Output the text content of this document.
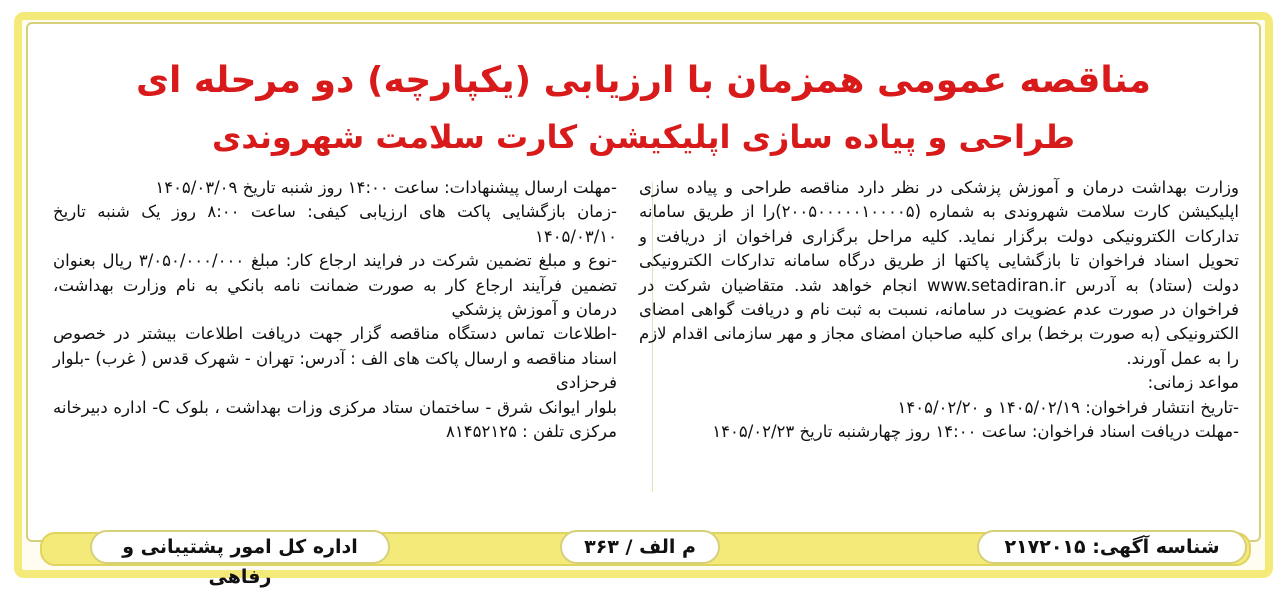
مناقصه عمومی همزمان با ارزیابی (یکپارچه) دو مرحله ای
طراحی و پیاده سازی اپلیکیشن کارت سلامت شهروندی

وزارت بهداشت درمان و آموزش پزشکی در نظر دارد مناقصه طراحی و پیاده سازی اپلیکیشن کارت سلامت شهروندی به شماره (۲۰۰۵۰۰۰۰۰۱۰۰۰۰۵)را از طریق سامانه تدارکات الکترونیکی دولت برگزار نماید. کلیه مراحل برگزاری فراخوان از دریافت و تحویل اسناد فراخوان تا بازگشایی پاکتها از طریق درگاه سامانه تدارکات الکترونیکی دولت (ستاد) به آدرس www.setadiran.ir انجام خواهد شد. متقاضیان شرکت در فراخوان در صورت عدم عضویت در سامانه، نسبت به ثبت نام و دریافت گواهی امضای الکترونیکی (به صورت برخط) برای کلیه صاحبان امضای مجاز و مهر سازمانی اقدام لازم را به عمل آورند.

مواعد زمانی:

-تاریخ انتشار فراخوان: ۱۴۰۵/۰۲/۱۹ و ۱۴۰۵/۰۲/۲۰

-مهلت دریافت اسناد فراخوان: ساعت ۱۴:۰۰ روز چهارشنبه تاریخ ۱۴۰۵/۰۲/۲۳

-مهلت ارسال پیشنهادات: ساعت ۱۴:۰۰ روز شنبه تاریخ ۱۴۰۵/۰۳/۰۹

-زمان بازگشایی پاکت های ارزیابی کیفی: ساعت ۸:۰۰ روز یک شنبه تاریخ ۱۴۰۵/۰۳/۱۰

-نوع و مبلغ تضمین شرکت در فرایند ارجاع کار: مبلغ ۳/۰۵۰/۰۰۰/۰۰۰ ریال بعنوان تضمین فرآیند ارجاع کار به صورت ضمانت نامه بانکي به نام وزارت بهداشت، درمان و آموزش پزشکي

-اطلاعات تماس دستگاه مناقصه گزار جهت دریافت اطلاعات بیشتر در خصوص اسناد مناقصه و ارسال پاکت های الف : آدرس: تهران - شهرک قدس ( غرب) -بلوار فرحزادی

بلوار ایوانک شرق - ساختمان ستاد مرکزی وزات بهداشت ، بلوک C- اداره دبیرخانه مرکزی تلفن : ۸۱۴۵۲۱۲۵

شناسه آگهی: ۲۱۷۲۰۱۵
م الف / ۳۶۳
اداره کل امور پشتیبانی و رفاهی
